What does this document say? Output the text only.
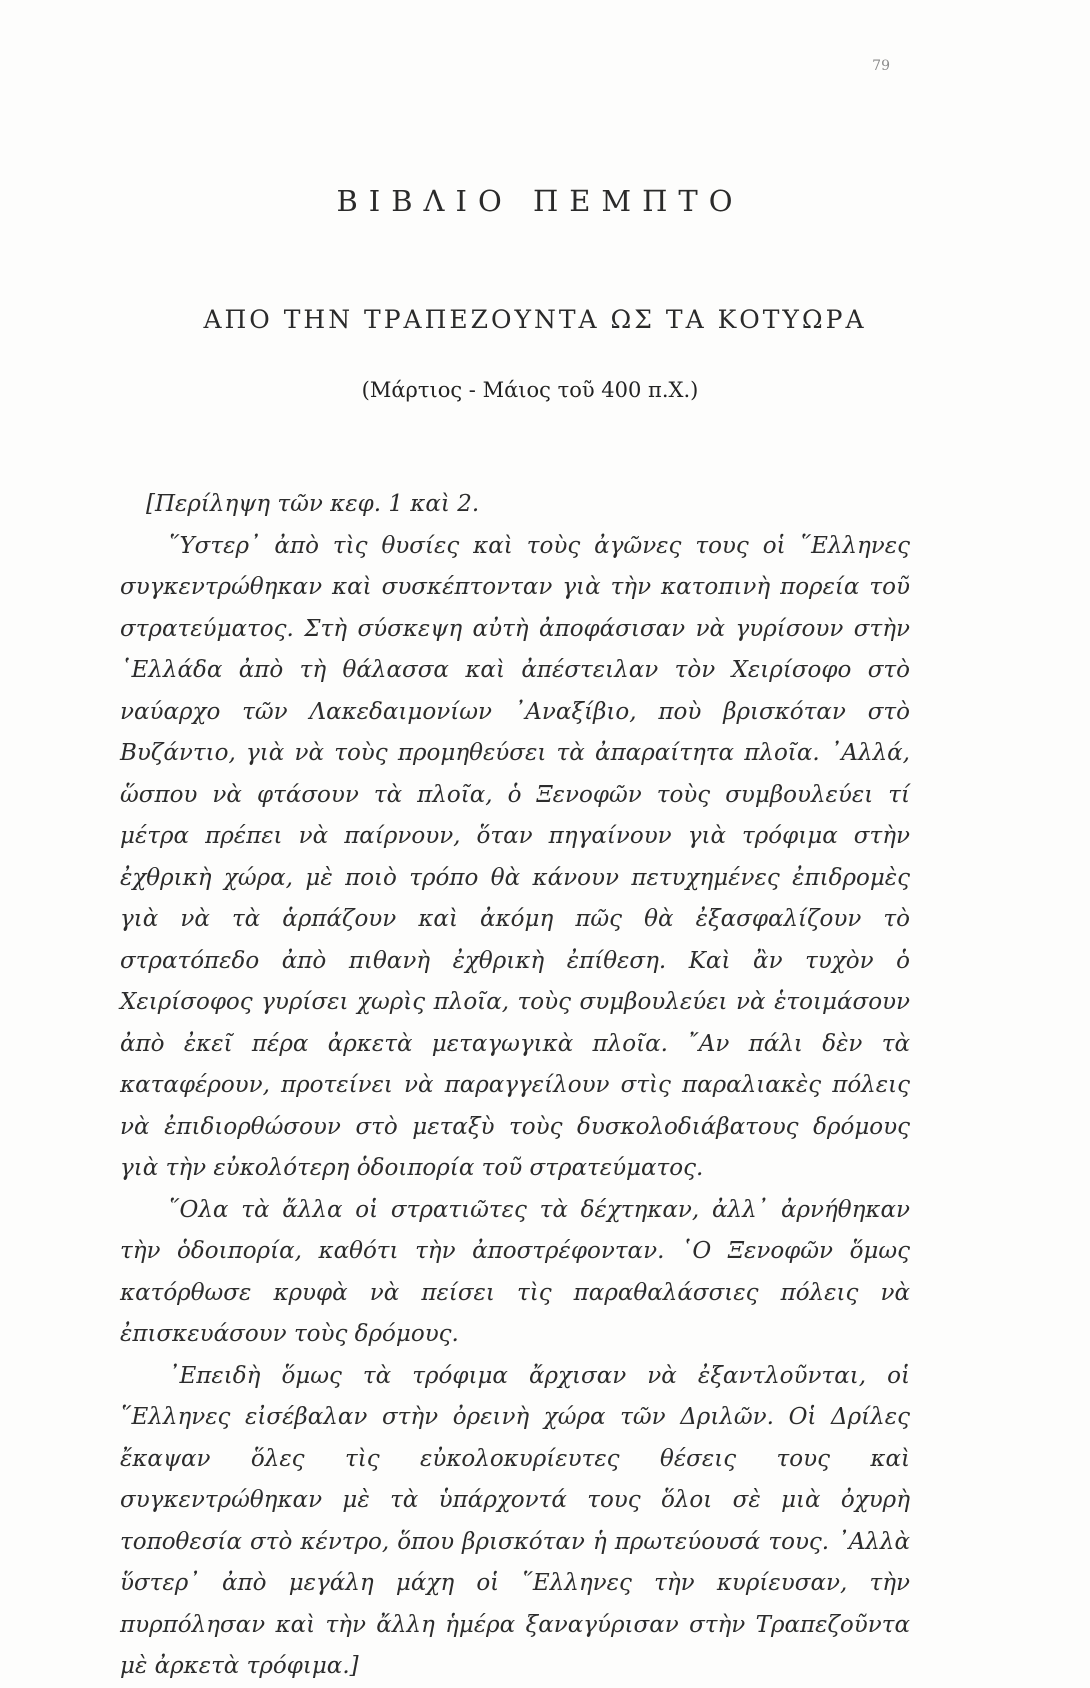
79
ΒΙΒΛΙΟ ΠΕΜΠΤΟ
ΑΠΟ ΤΗΝ ΤΡΑΠΕΖΟΥΝΤΑ ΩΣ ΤΑ ΚΟΤΥΩΡΑ
(Μάρτιος - Μάιος τοῦ 400 π.Χ.)

[Περίληψη τῶν κεφ. 1 καὶ 2.

῞Υστερ᾽ ἀπὸ τὶς θυσίες καὶ τοὺς ἀγῶνες τους οἱ ῞Ελληνες συγκεντρώθηκαν καὶ συσκέπτονταν γιὰ τὴν κατοπινὴ πορεία τοῦ στρατεύματος. Στὴ σύσκεψη αὐτὴ ἀποφάσισαν νὰ γυρίσουν στὴν ῾Ελλάδα ἀπὸ τὴ θάλασσα καὶ ἀπέστειλαν τὸν Χειρίσοφο στὸ ναύαρχο τῶν Λακεδαιμονίων ᾿Αναξίβιο, ποὺ βρισκόταν στὸ Βυζάντιο, γιὰ νὰ τοὺς προμηθεύσει τὰ ἀπαραίτητα πλοῖα. ᾿Αλλά, ὥσπου νὰ φτάσουν τὰ πλοῖα, ὁ Ξενοφῶν τοὺς συμβουλεύει τί μέτρα πρέπει νὰ παίρνουν, ὅταν πηγαίνουν γιὰ τρόφιμα στὴν ἐχθρικὴ χώρα, μὲ ποιὸ τρόπο θὰ κάνουν πετυχημένες ἐπιδρομὲς γιὰ νὰ τὰ ἁρπάζουν καὶ ἀκόμη πῶς θὰ ἐξασφαλίζουν τὸ στρατόπεδο ἀπὸ πιθανὴ ἐχθρικὴ ἐπίθεση. Καὶ ἂν τυχὸν ὁ Χειρίσοφος γυρίσει χωρὶς πλοῖα, τοὺς συμβουλεύει νὰ ἑτοιμάσουν ἀπὸ ἐκεῖ πέρα ἀρκετὰ μεταγωγικὰ πλοῖα. ῎Αν πάλι δὲν τὰ καταφέρουν, προτείνει νὰ παραγγείλουν στὶς παραλιακὲς πόλεις νὰ ἐπιδιορθώσουν στὸ μεταξὺ τοὺς δυσκολοδιάβατους δρόμους γιὰ τὴν εὐκολότερη ὁδοιπορία τοῦ στρατεύματος.

῞Ολα τὰ ἄλλα οἱ στρατιῶτες τὰ δέχτηκαν, ἀλλ᾽ ἀρνήθηκαν τὴν ὁδοιπορία, καθότι τὴν ἀποστρέφονταν. ῾Ο Ξενοφῶν ὅμως κατόρθωσε κρυφὰ νὰ πείσει τὶς παραθαλάσσιες πόλεις νὰ ἐπισκευάσουν τοὺς δρόμους.

᾿Επειδὴ ὅμως τὰ τρόφιμα ἄρχισαν νὰ ἐξαντλοῦνται, οἱ ῞Ελληνες εἰσέβαλαν στὴν ὀρεινὴ χώρα τῶν Δριλῶν. Οἱ Δρίλες ἔκαψαν ὅλες τὶς εὐκολοκυρίευτες θέσεις τους καὶ συγκεντρώθηκαν μὲ τὰ ὑπάρχοντά τους ὅλοι σὲ μιὰ ὀχυρὴ τοποθεσία στὸ κέντρο, ὅπου βρισκόταν ἡ πρωτεύουσά τους. ᾿Αλλὰ ὕστερ᾽ ἀπὸ μεγάλη μάχη οἱ ῞Ελληνες τὴν κυρίευσαν, τὴν πυρπόλησαν καὶ τὴν ἄλλη ἡμέρα ξαναγύρισαν στὴν Τραπεζοῦντα μὲ ἀρκετὰ τρόφιμα.]
